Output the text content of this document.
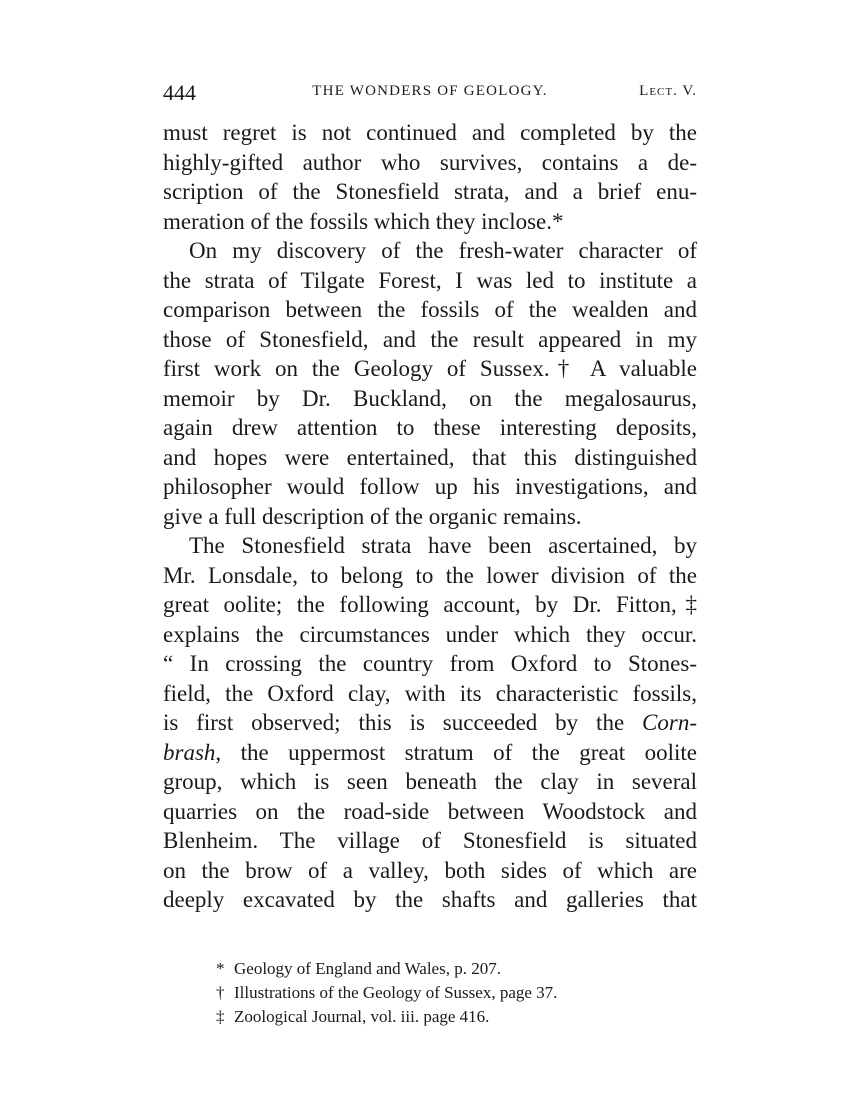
444	THE WONDERS OF GEOLOGY.	Lect. V.
must regret is not continued and completed by the
highly-gifted author who survives, contains a de-
scription of the Stonesfield strata, and a brief enu-
meration of the fossils which they inclose.*
On my discovery of the fresh-water character of
the strata of Tilgate Forest, I was led to institute a
comparison between the fossils of the wealden and
those of Stonesfield, and the result appeared in my
first work on the Geology of Sussex.† A valuable
memoir by Dr. Buckland, on the megalosaurus,
again drew attention to these interesting deposits,
and hopes were entertained, that this distinguished
philosopher would follow up his investigations, and
give a full description of the organic remains.
The Stonesfield strata have been ascertained, by
Mr. Lonsdale, to belong to the lower division of the
great oolite; the following account, by Dr. Fitton,‡
explains the circumstances under which they occur.
“ In crossing the country from Oxford to Stones-
field, the Oxford clay, with its characteristic fossils,
is first observed; this is succeeded by the Corn-
brash, the uppermost stratum of the great oolite
group, which is seen beneath the clay in several
quarries on the road-side between Woodstock and
Blenheim. The village of Stonesfield is situated
on the brow of a valley, both sides of which are
deeply excavated by the shafts and galleries that
* Geology of England and Wales, p. 207.
† Illustrations of the Geology of Sussex, page 37.
‡ Zoological Journal, vol. iii. page 416.
